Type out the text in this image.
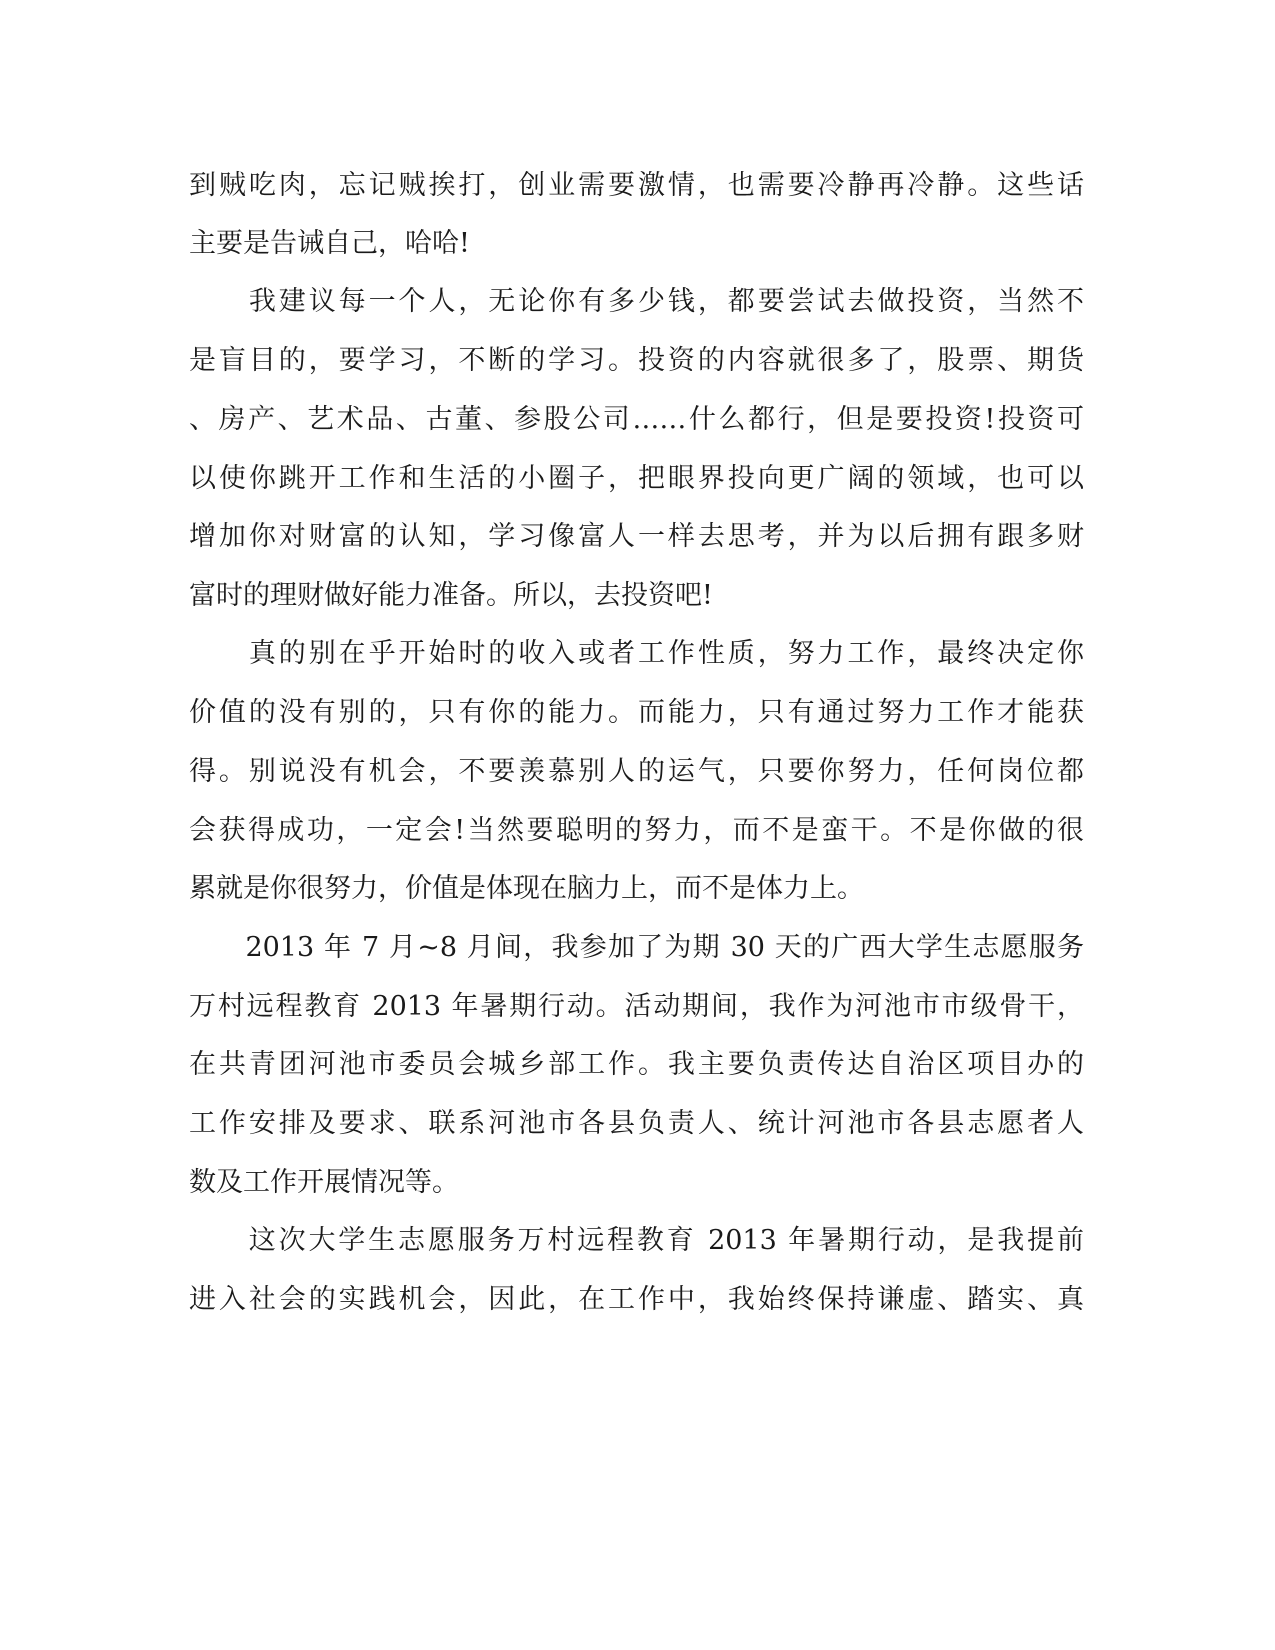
到贼吃肉，忘记贼挨打，创业需要激情，也需要冷静再冷静。这些话
主要是告诫自己，哈哈!
　　我建议每一个人，无论你有多少钱，都要尝试去做投资，当然不
是盲目的，要学习，不断的学习。投资的内容就很多了，股票、期货
、房产、艺术品、古董、参股公司……什么都行，但是要投资!投资可
以使你跳开工作和生活的小圈子，把眼界投向更广阔的领域，也可以
增加你对财富的认知，学习像富人一样去思考，并为以后拥有跟多财
富时的理财做好能力准备。所以，去投资吧!
　　真的别在乎开始时的收入或者工作性质，努力工作，最终决定你
价值的没有别的，只有你的能力。而能力，只有通过努力工作才能获
得。别说没有机会，不要羡慕别人的运气，只要你努力，任何岗位都
会获得成功，一定会!当然要聪明的努力，而不是蛮干。不是你做的很
累就是你很努力，价值是体现在脑力上，而不是体力上。
　　2013 年 7 月~8 月间，我参加了为期 30 天的广西大学生志愿服务
万村远程教育 2013 年暑期行动。活动期间，我作为河池市市级骨干，
在共青团河池市委员会城乡部工作。我主要负责传达自治区项目办的
工作安排及要求、联系河池市各县负责人、统计河池市各县志愿者人
数及工作开展情况等。
　　这次大学生志愿服务万村远程教育 2013 年暑期行动，是我提前
进入社会的实践机会，因此，在工作中，我始终保持谦虚、踏实、真
